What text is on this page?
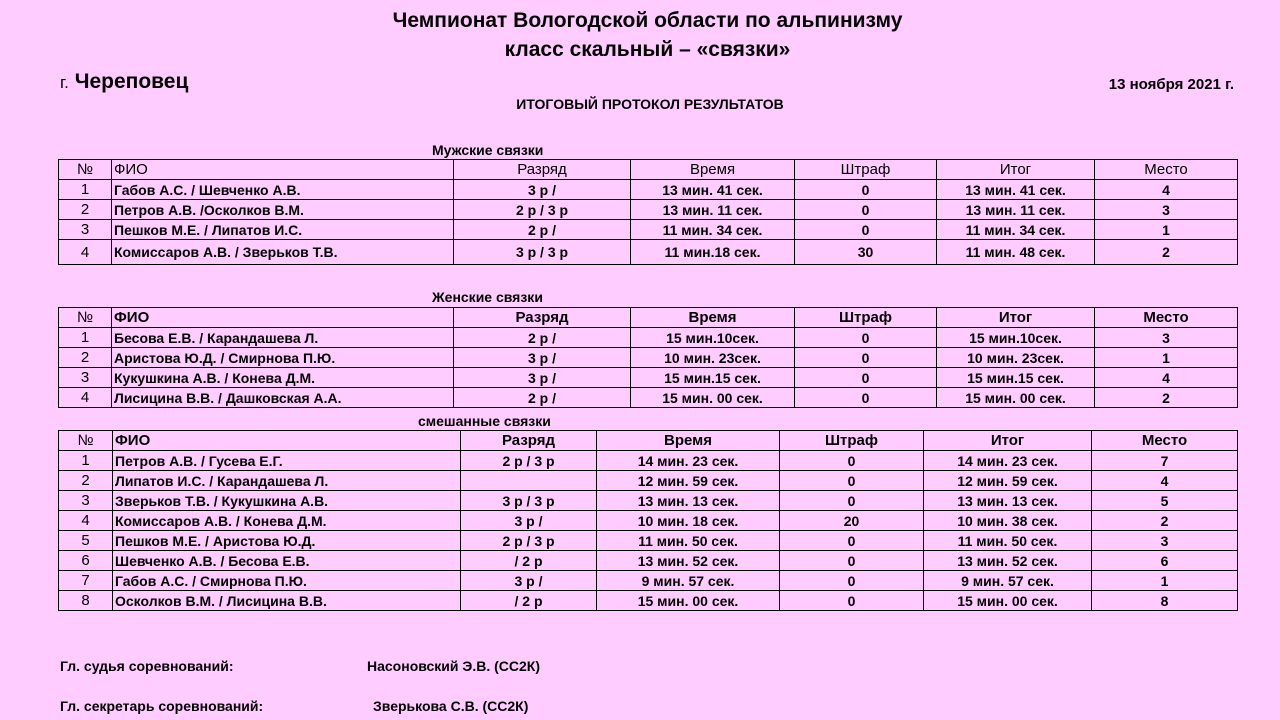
Чемпионат Вологодской области по альпинизму
класс скальный – «связки»
г. Череповец	13 ноября 2021 г.
ИТОГОВЫЙ ПРОТОКОЛ РЕЗУЛЬТАТОВ
Мужские связки
№	ФИО	Разряд	Время	Штраф	Итог	Место
1	Габов А.С. / Шевченко А.В.	3 р /	13 мин. 41 сек.	0	13 мин. 41 сек.	4
2	Петров А.В. /Осколков В.М.	2 р / 3 р	13 мин. 11 сек.	0	13 мин. 11 сек.	3
3	Пешков М.Е. / Липатов И.С.	2 р /	11 мин. 34 сек.	0	11 мин. 34 сек.	1
4	Комиссаров А.В. / Зверьков Т.В.	3 р / 3 р	11 мин.18 сек.	30	11 мин. 48 сек.	2
Женские связки
№	ФИО	Разряд	Время	Штраф	Итог	Место
1	Бесова Е.В. / Карандашева Л.	2 р /	15 мин.10сек.	0	15 мин.10сек.	3
2	Аристова Ю.Д. / Смирнова П.Ю.	3 р /	10 мин. 23сек.	0	10 мин. 23сек.	1
3	Кукушкина А.В. / Конева Д.М.	3 р /	15 мин.15 сек.	0	15 мин.15 сек.	4
4	Лисицина В.В. / Дашковская А.А.	2 р /	15 мин. 00 сек.	0	15 мин. 00 сек.	2
смешанные связки
№	ФИО	Разряд	Время	Штраф	Итог	Место
1	Петров А.В. / Гусева Е.Г.	2 р / 3 р	14 мин. 23 сек.	0	14 мин. 23 сек.	7
2	Липатов И.С. / Карандашева Л.		12 мин. 59 сек.	0	12 мин. 59 сек.	4
3	Зверьков Т.В. / Кукушкина А.В.	3 р / 3 р	13 мин. 13 сек.	0	13 мин. 13 сек.	5
4	Комиссаров А.В. / Конева Д.М.	3 р /	10 мин. 18 сек.	20	10 мин. 38 сек.	2
5	Пешков М.Е. / Аристова Ю.Д.	2 р / 3 р	11 мин. 50 сек.	0	11 мин. 50 сек.	3
6	Шевченко А.В. / Бесова Е.В.	/ 2 р	13 мин. 52 сек.	0	13 мин. 52 сек.	6
7	Габов А.С. / Смирнова П.Ю.	3 р /	9 мин. 57 сек.	0	9 мин. 57 сек.	1
8	Осколков В.М. / Лисицина В.В.	/ 2 р	15 мин. 00 сек.	0	15 мин. 00 сек.	8
Гл. судья соревнований:	Насоновский Э.В. (СС2К)
Гл. секретарь соревнований:	Зверькова С.В. (СС2К)
